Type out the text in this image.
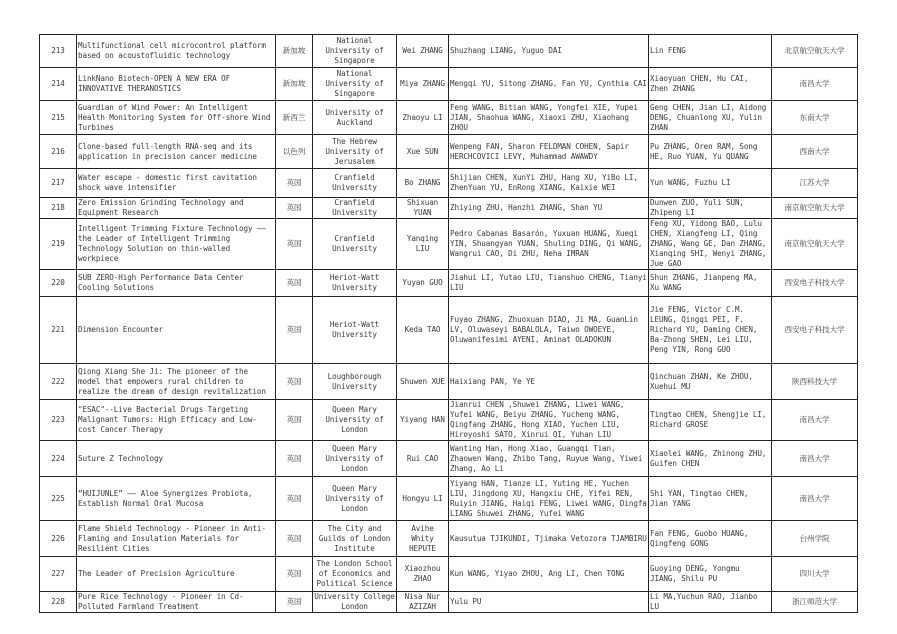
213	Multifunctional cell microcontrol platform based on acoustofluidic technology	新加坡	National University of Singapore	Wei ZHANG	Shuzhang LIANG, Yuguo DAI	Lin FENG	北京航空航天大学
214	LinkNano Biotech-OPEN A NEW ERA OF INNOVATIVE THERANOSTICS	新加坡	National University of Singapore	Miya ZHANG	Mengqi YU, Sitong ZHANG, Fan YU, Cynthia CAI	Xiaoyuan CHEN, Hu CAI, Zhen ZHANG	南昌大学
215	Guardian of Wind Power: An Intelligent Health Monitoring System for Off-shore Wind Turbines	新西兰	University of Auckland	Zhaoyu LI	Feng WANG, Bitian WANG, Yongfei XIE, Yupei JIAN, Shaohua WANG, Xiaoxi ZHU, Xiaohang ZHOU	Geng CHEN, Jian LI, Aidong DENG, Chuanlong XU, Yulin ZHAN	东南大学
216	Clone-based full-length RNA-seq and its application in precision cancer medicine	以色列	The Hebrew University of Jerusalem	Xue SUN	Wenpeng FAN, Sharon FELDMAN COHEN, Sapir HERCHCOVICI LEVY, Muhammad AWAWDY	Pu ZHANG, Oren RAM, Song HE, Ruo YUAN, Yu QUANG	西南大学
217	Water escape - domestic first cavitation shock wave intensifier	英国	Cranfield University	Bo ZHANG	Shijian CHEN, XunYi ZHU, Hang XU, YiBo LI, ZhenYuan YU, EnRong XIANG, Kaixie WEI	Yun WANG, Fuzhu LI	江苏大学
218	Zero Emission Grinding Technology and Equipment Research	英国	Cranfield University	Shixuan YUAN	Zhiying ZHU, Hanzhi ZHANG, Shan YU	Dunwen ZUO, Yuli SUN, Zhipeng LI	南京航空航天大学
219	Intelligent Trimming Fixture Technology —— the Leader of Intelligent Trimming Technology Solution on thin-walled workpiece	英国	Cranfield University	Yanqing LIU	Pedro Cabanas Basarón, Yuxuan HUANG, Xueqi YIN, Shuangyan YUAN, Shuling DING, Qi WANG, Wangrui CAO, Di ZHU, Neha IMRAN	Feng XU, Yidong BAO, Lulu CHEN, Xiangfeng LI, Qing ZHANG, Wang GE, Dan ZHANG, Xianqing SHI, Wenyi ZHANG, Jue GAO	南京航空航天大学
220	SUB ZERO-High Performance Data Center Cooling Solutions	英国	Heriot-Watt University	Yuyan GUO	Jiahui LI, Yutao LIU, Tianshuo CHENG, Tianyi LIU	Shun ZHANG, Jianpeng MA, Xu WANG	西安电子科技大学
221	Dimension Encounter	英国	Heriot-Watt University	Keda TAO	Fuyao ZHANG, Zhuoxuan DIAO, Ji MA, GuanLin LV, Oluwaseyi BABALOLA, Taiwo OWOEYE, Oluwanifesimi AYENI, Aminat OLADOKUN	Jie FENG, Victor C.M. LEUNG, Qingqi PEI, F. Richard YU, Daming CHEN, Ba-Zhong SHEN, Lei LIU, Peng YIN, Rong GUO	西安电子科技大学
222	Qiong Xiang She Ji: The pioneer of the model that empowers rural children to realize the dream of design revitalization	英国	Loughborough University	Shuwen XUE	Haixiang PAN, Ye YE	Qinchuan ZHAN, Ke ZHOU, Xuehui MU	陕西科技大学
223	"ESAC"--Live Bacterial Drugs Targeting Malignant Tumors: High Efficacy and Low-cost Cancer Therapy	英国	Queen Mary University of London	Yiyang HAN	Jianrui CHEN ,Shuwei ZHANG, Liwei WANG, Yufei WANG, Beiyu ZHANG, Yucheng WANG, Qingfang ZHANG, Hong XIAO, Yuchen LIU, Hiroyoshi SATO, Xinrui QI, Yuhan LIU	Tingtao CHEN, Shengjie LI, Richard GROSE	南昌大学
224	Suture Z Technology	英国	Queen Mary University of London	Rui CAO	Wanting Han, Hong Xiao, Guangqi Tian, Zhaowen Wang, Zhibo Tang, Ruyue Wang, Yiwei Zhang, Ao Li	Xiaolei WANG, Zhinong ZHU, Guifen CHEN	南昌大学
225	“HUIJUNLE” —— Aloe Synergizes Probiota, Establish Normal Oral Mucosa	英国	Queen Mary University of London	Hongyu LI	Yiyang HAN, Tianze LI, Yuting HE, Yuchen LIU, Jingdong XU, Hangxiu CHE, Yifei REN, Ruiyin JIANG, Haiqi FENG, Liwei WANG, Dingfa LIANG Shuwei ZHANG, Yufei WANG	Shi YAN, Tingtao CHEN, Jian YANG	南昌大学
226	Flame Shield Technology - Pioneer in Anti-Flaming and Insulation Materials for Resilient Cities	英国	The City and Guilds of London Institute	Avihe Whity HEPUTE	Kausutua TJIKUNDI, Tjimaka Vetozora TJAMBIRU	Fan FENG, Guobo HUANG, Qingfeng GONG	台州学院
227	The Leader of Precision Agriculture	英国	The London School of Economics and Political Science	Xiaozhou ZHAO	Kun WANG, Yiyao ZHOU, Ang LI, Chen TONG	Guoying DENG, Yongmu JIANG, Shilu PU	四川大学
228	Pure Rice Technology - Pioneer in Cd-Polluted Farmland Treatment	英国	University College London	Nisa Nur AZIZAH	Yulu PU	Li MA,Yuchun RAO, Jianbo LU	浙江师范大学
